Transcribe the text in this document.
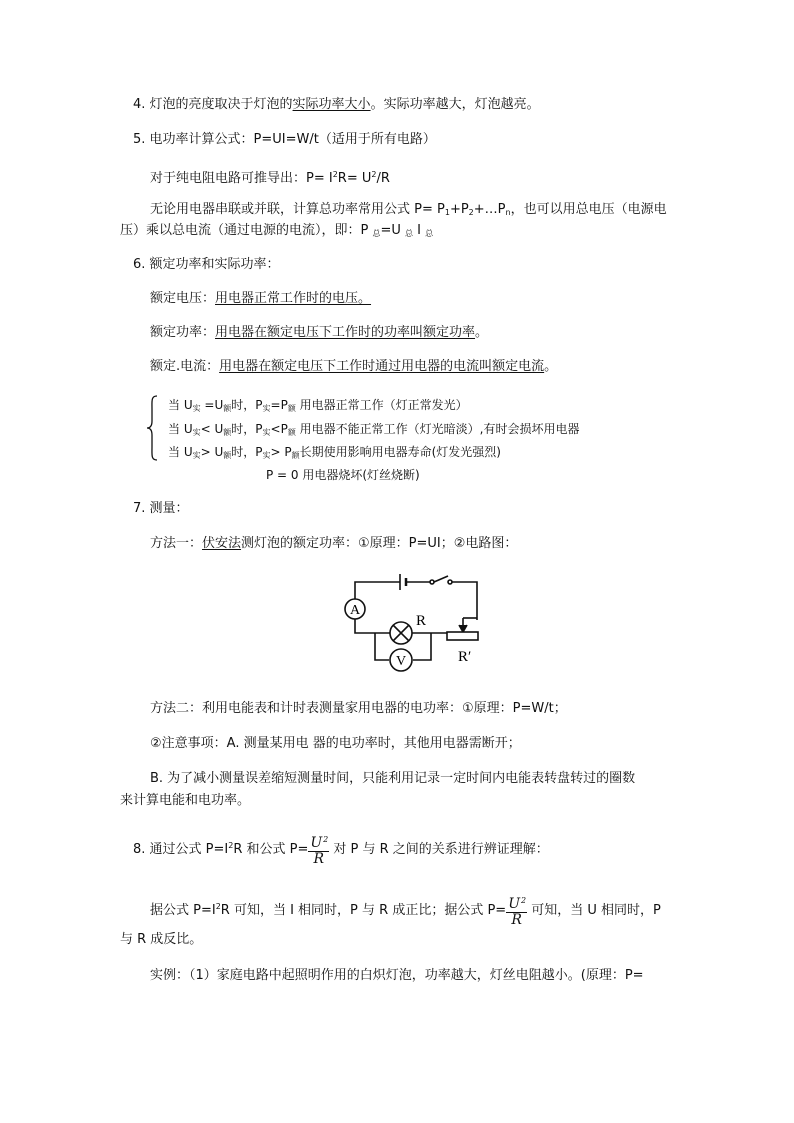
4. 灯泡的亮度取决于灯泡的实际功率大小。实际功率越大，灯泡越亮。
5. 电功率计算公式：P=UI=W/t（适用于所有电路）
对于纯电阻电路可推导出：$P= I^2R= U^2/R$
无论用电器串联或并联，计算总功率常用公式 $P= P_1+P_2+\dots P_n$，也可以用总电压（电源电
压）乘以总电流（通过电源的电流），即：P $_总$=U $_总$ I $_总$
6. 额定功率和实际功率：
额定电压：用电器正常工作时的电压。
额定功率：用电器在额定电压下工作时的功率叫额定功率。
额定.电流：用电器在额定电压下工作时通过用电器的电流叫额定电流。
当 $U_实 =U_额$时，$P_实=P_额$ 用电器正常工作（灯正常发光）
当 $U_实< U_额$时，$P_实<P_额$ 用电器不能正常工作（灯光暗淡）,有时会损坏用电器
当 $U_实> U_额$时，$P_实> P_额$长期使用影响用电器寿命(灯发光强烈)
P = 0 用电器烧坏(灯丝烧断)
7. 测量：
方法一：伏安法测灯泡的额定功率：①原理：P=UI；②电路图：
A
V
R
R′
方法二：利用电能表和计时表测量家用电器的电功率：①原理：P=W/t；
②注意事项：A. 测量某用电 器的电功率时，其他用电器需断开；
B. 为了减小测量误差缩短测量时间，只能利用记录一定时间内电能表转盘转过的圈数
来计算电能和电功率。
8. 通过公式 $P=I^2R$ 和公式 $P= \frac{U^2}{R}$ 对 P 与 R 之间的关系进行辨证理解：
据公式 $P=I^2R$ 可知，当 I 相同时，P 与 R 成正比；据公式 $P= \frac{U^2}{R}$ 可知，当 U 相同时，P
与 R 成反比。
实例：（1）家庭电路中起照明作用的白炽灯泡，功率越大，灯丝电阻越小。(原理：P=
